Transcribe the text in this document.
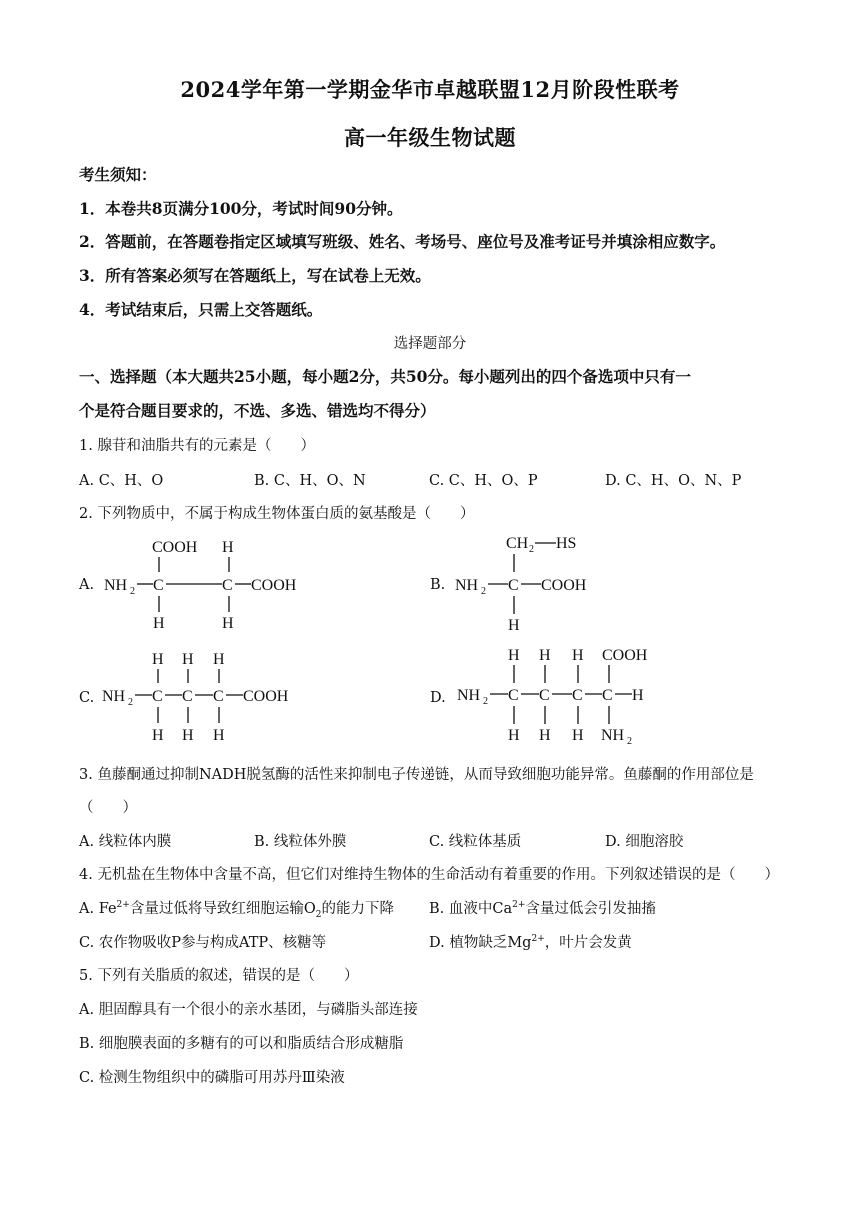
2024学年第一学期金华市卓越联盟12月阶段性联考
高一年级生物试题
考生须知：
1．本卷共8页满分100分，考试时间90分钟。
2．答题前，在答题卷指定区域填写班级、姓名、考场号、座位号及准考证号并填涂相应数字。
3．所有答案必须写在答题纸上，写在试卷上无效。
4．考试结束后，只需上交答题纸。
选择题部分
一、选择题（本大题共25小题，每小题2分，共50分。每小题列出的四个备选项中只有一
个是符合题目要求的，不选、多选、错选均不得分）
1. 腺苷和油脂共有的元素是（　　）
A. C、H、O	B. C、H、O、N	C. C、H、O、P	D. C、H、O、N、P
2. 下列物质中，不属于构成生物体蛋白质的氨基酸是（　　）
A.	B.
C.	D.
COOH H
NH 2 C	C COOH
H	H
CH 2 HS
NH 2 C COOH
H
H H H
NH 2 C C C COOH
H H H
H H H COOH
NH 2 C C C C H
H H H NH 2
3. 鱼藤酮通过抑制NADH脱氢酶的活性来抑制电子传递链，从而导致细胞功能异常。鱼藤酮的作用部位是
（　　）
A. 线粒体内膜	B. 线粒体外膜	C. 线粒体基质	D. 细胞溶胶
4. 无机盐在生物体中含量不高，但它们对维持生物体的生命活动有着重要的作用。下列叙述错误的是（　　）
A. $Fe^{2+}$含量过低将导致红细胞运输$O_2$的能力下降 B. 血液中$Ca^{2+}$含量过低会引发抽搐
C. 农作物吸收P参与构成ATP、核糖等	D. 植物缺乏$Mg^{2+}$，叶片会发黄
5. 下列有关脂质的叙述，错误的是（　　）
A. 胆固醇具有一个很小的亲水基团，与磷脂头部连接
B. 细胞膜表面的多糖有的可以和脂质结合形成糖脂
C. 检测生物组织中的磷脂可用苏丹Ⅲ染液
